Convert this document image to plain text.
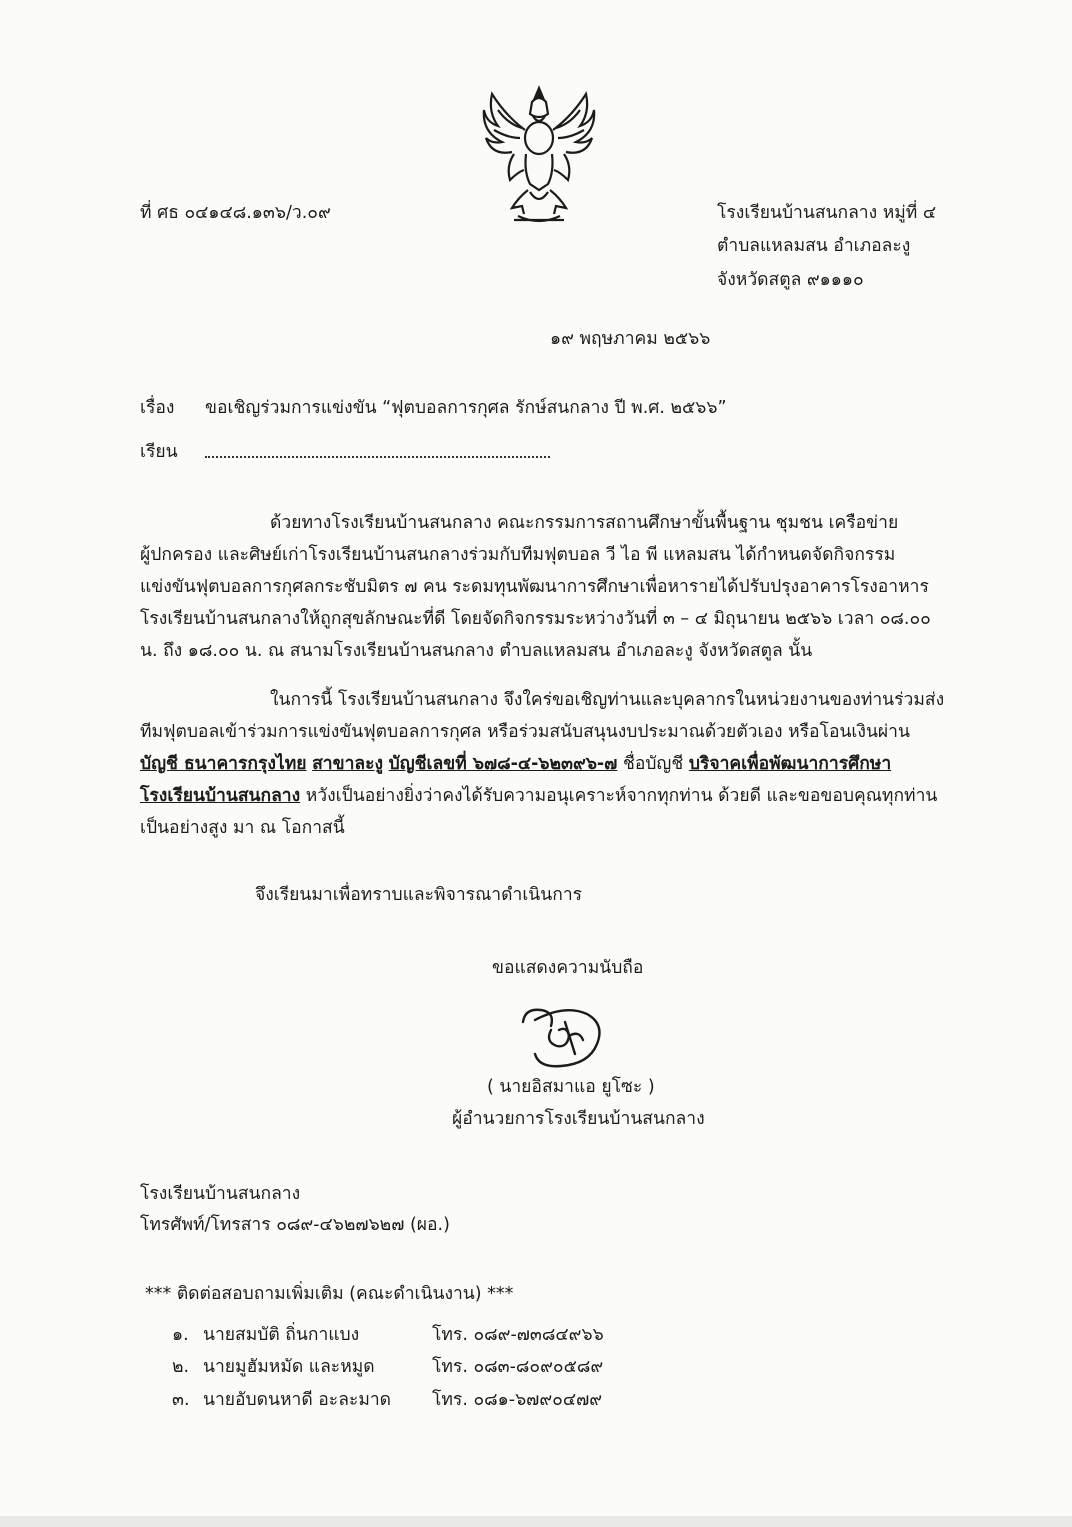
ที่ ศธ ๐๔๑๔๘.๑๓๖/ว.๐๙	โรงเรียนบ้านสนกลาง หมู่ที่ ๔
ตำบลแหลมสน อำเภอละงู
จังหวัดสตูล ๙๑๑๑๐
๑๙ พฤษภาคม ๒๕๖๖
เรื่อง ขอเชิญร่วมการแข่งขัน “ฟุตบอลการกุศล รักษ์สนกลาง ปี พ.ศ. ๒๕๖๖”
เรียน
ด้วยทางโรงเรียนบ้านสนกลาง คณะกรรมการสถานศึกษาขั้นพื้นฐาน ชุมชน เครือข่าย
ผู้ปกครอง และศิษย์เก่าโรงเรียนบ้านสนกลางร่วมกับทีมฟุตบอล วี ไอ พี แหลมสน ได้กำหนดจัดกิจกรรม
แข่งขันฟุตบอลการกุศลกระชับมิตร ๗ คน ระดมทุนพัฒนาการศึกษาเพื่อหารายได้ปรับปรุงอาคารโรงอาหาร
โรงเรียนบ้านสนกลางให้ถูกสุขลักษณะที่ดี โดยจัดกิจกรรมระหว่างวันที่ ๓ – ๔ มิถุนายน ๒๕๖๖ เวลา ๐๘.๐๐
น. ถึง ๑๘.๐๐ น. ณ สนามโรงเรียนบ้านสนกลาง ตำบลแหลมสน อำเภอละงู จังหวัดสตูล นั้น
ในการนี้ โรงเรียนบ้านสนกลาง จึงใคร่ขอเชิญท่านและบุคลากรในหน่วยงานของท่านร่วมส่ง
ทีมฟุตบอลเข้าร่วมการแข่งขันฟุตบอลการกุศล หรือร่วมสนับสนุนงบประมาณด้วยตัวเอง หรือโอนเงินผ่าน
บัญชี ธนาคารกรุงไทย สาขาละงู บัญชีเลขที่ ๖๗๘-๔-๖๒๓๙๖-๗ ชื่อบัญชี บริจาคเพื่อพัฒนาการศึกษา
โรงเรียนบ้านสนกลาง หวังเป็นอย่างยิ่งว่าคงได้รับความอนุเคราะห์จากทุกท่าน ด้วยดี และขอขอบคุณทุกท่าน
เป็นอย่างสูง มา ณ โอกาสนี้
จึงเรียนมาเพื่อทราบและพิจารณาดำเนินการ
ขอแสดงความนับถือ
( นายอิสมาแอ ยูโซะ )
ผู้อำนวยการโรงเรียนบ้านสนกลาง
โรงเรียนบ้านสนกลาง
โทรศัพท์/โทรสาร ๐๘๙-๔๖๒๗๖๒๗ (ผอ.)
*** ติดต่อสอบถามเพิ่มเติม (คณะดำเนินงาน) ***
๑. นายสมบัติ ถิ่นกาแบง	โทร. ๐๘๙-๗๓๘๔๙๖๖
๒. นายมูฮัมหมัด และหมูด	โทร. ๐๘๓-๘๐๙๐๕๘๙
๓. นายอับดนหาดี อะละมาด โทร. ๐๘๑-๖๗๙๐๔๗๙
